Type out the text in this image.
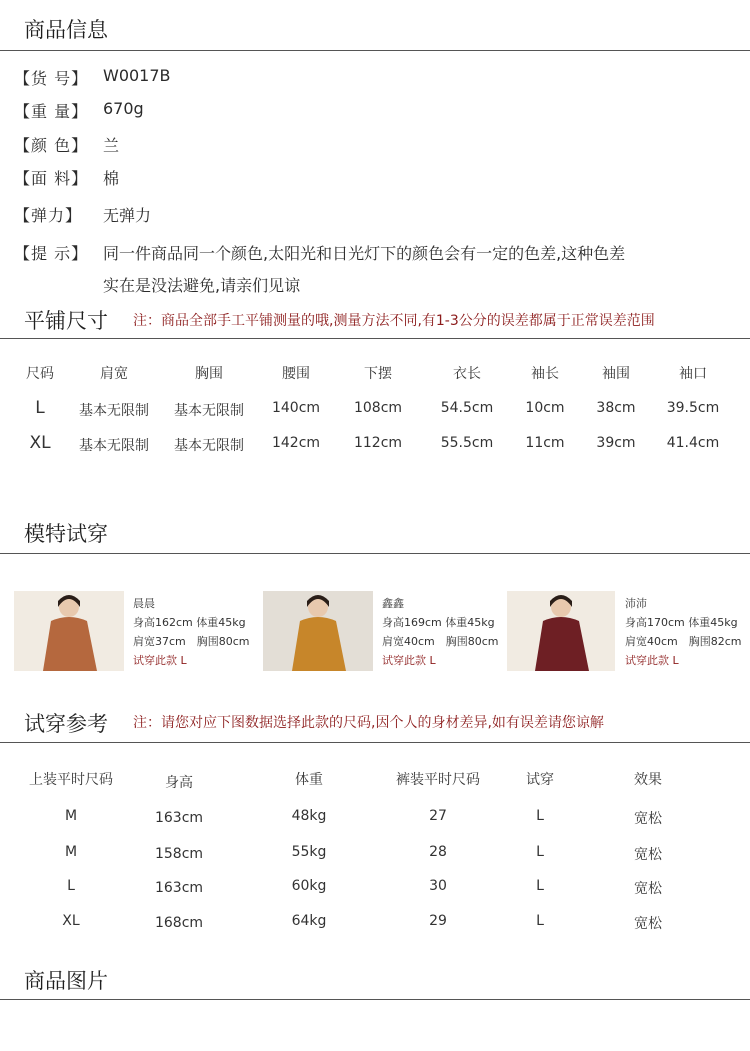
商品信息
【货 号】 W0017B
【重 量】 670g
【颜 色】 兰
【面 料】 棉
【弹力】 无弹力
【提 示】 同一件商品同一个颜色,太阳光和日光灯下的颜色会有一定的色差,这种色差
实在是没法避免,请亲们见谅
平铺尺寸 注：商品全部手工平铺测量的哦,测量方法不同,有1-3公分的误差都属于正常误差范围
尺码	肩宽	胸围	腰围	下摆	衣长	袖长	袖围	袖口
L 基本无限制 基本无限制 140cm 108cm	54.5cm 10cm 38cm 39.5cm
XL 基本无限制 基本无限制 142cm 112cm	55.5cm 11cm 39cm 41.4cm
模特试穿
晨晨
身高162cm 体重45kg
肩宽37cm　胸围80cm
试穿此款 L
鑫鑫
身高169cm 体重45kg
肩宽40cm　胸围80cm
试穿此款 L
沛沛
身高170cm 体重45kg
肩宽40cm　胸围82cm
试穿此款 L
试穿参考 注：请您对应下图数据选择此款的尺码,因个人的身材差异,如有误差请您谅解
上装平时尺码	身高	体重	裤装平时尺码	试穿	效果
M	163cm	48kg	27	L	宽松
M	158cm	55kg	28	L	宽松
L	163cm	60kg	30	L	宽松
XL	168cm	64kg	29	L	宽松
商品图片
